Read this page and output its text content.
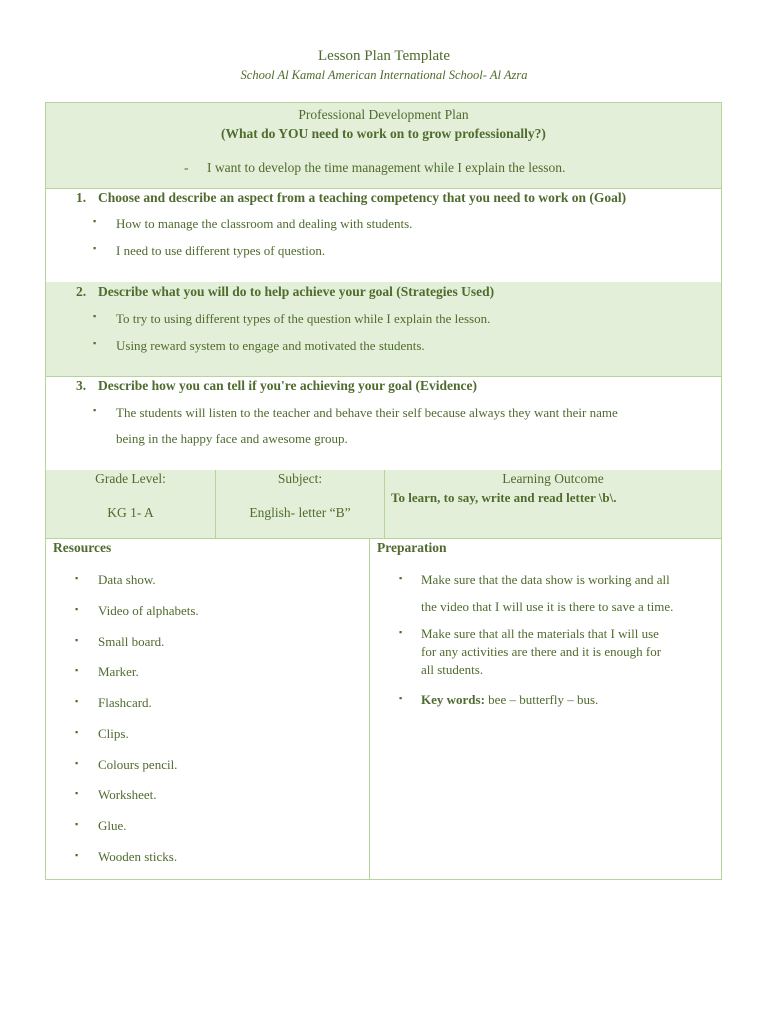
Lesson Plan Template
School Al Kamal American International School- Al Azra
Professional Development Plan
(What do YOU need to work on to grow professionally?)
- I want to develop the time management while I explain the lesson.
1. Choose and describe an aspect from a teaching competency that you need to work on (Goal)
▪ How to manage the classroom and dealing with students.
▪ I need to use different types of question.
2. Describe what you will do to help achieve your goal (Strategies Used)
▪ To try to using different types of the question while I explain the lesson.
▪ Using reward system to engage and motivated the students.
3. Describe how you can tell if you're achieving your goal (Evidence)
▪ The students will listen to the teacher and behave their self because always they want their name
being in the happy face and awesome group.
Grade Level:
KG 1- A
Subject:
English- letter “B”
Learning Outcome
To learn, to say, write and read letter \b\.
Resources
▪ Data show.
▪ Video of alphabets.
▪ Small board.
▪ Marker.
▪ Flashcard.
▪ Clips.
▪ Colours pencil.
▪ Worksheet.
▪ Glue.
▪ Wooden sticks.
Preparation
▪ Make sure that the data show is working and all
the video that I will use it is there to save a time.
▪ Make sure that all the materials that I will use
for any activities are there and it is enough for
all students.
▪ Key words: bee – butterfly – bus.
